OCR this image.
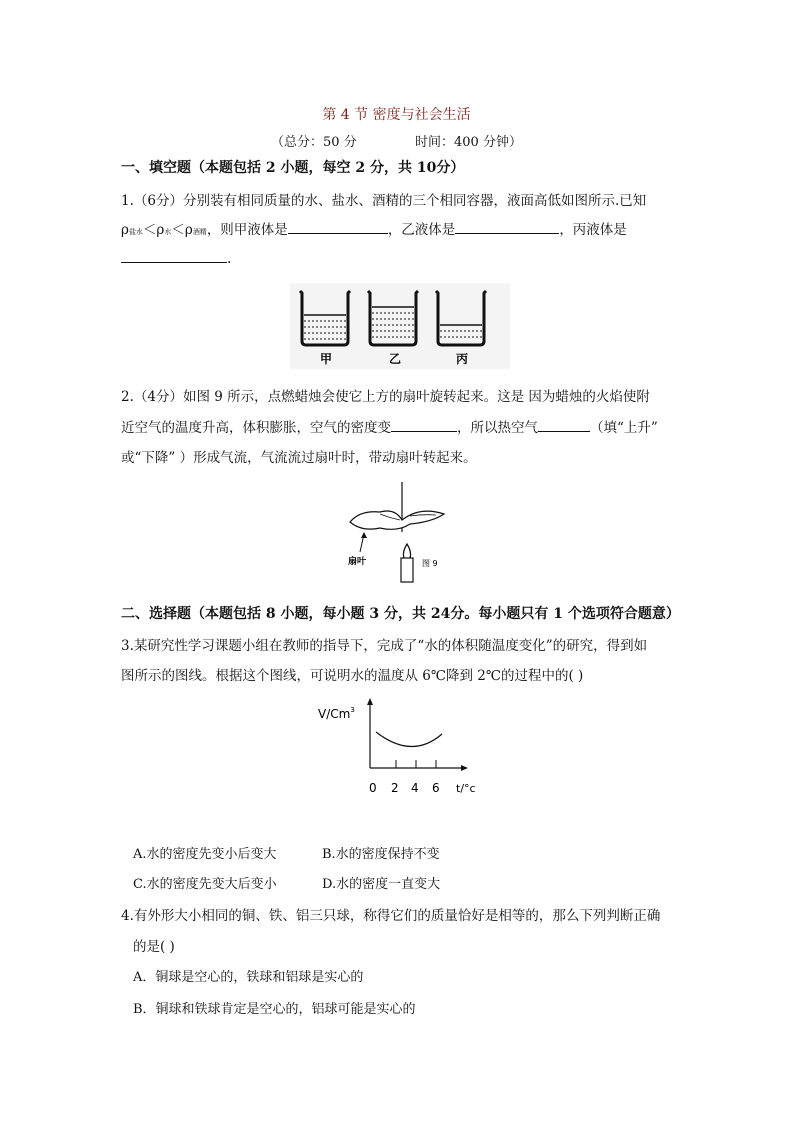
第 4 节 密度与社会生活
（总分：50 分	时间：400 分钟）
一、填空题（本题包括 2 小题，每空 2 分，共 10分）
1.（6分）分别装有相同质量的水、盐水、酒精的三个相同容器，液面高低如图所示.已知
ρ盐水＜ρ水＜ρ酒精，则甲液体是	，乙液体是	，丙液体是
.
甲	乙	丙
2.（4分）如图 9 所示，点燃蜡烛会使它上方的扇叶旋转起来。这是 因为蜡烛的火焰使附
近空气的温度升高，体积膨胀，空气的密度变	，所以热空气	（填“上升”
或“下降” ）形成气流，气流流过扇叶时，带动扇叶转起来。
扇叶	图 9
二、选择题（本题包括 8 小题，每小题 3 分，共 24分。每小题只有 1 个选项符合题意）
3.某研究性学习课题小组在教师的指导下，完成了“水的体积随温度变化”的研究，得到如
图所示的图线。根据这个图线，可说明水的温度从 6℃降到 2℃的过程中的( )
V/Cm$^3$
0 2 4 6 t/°c
A.水的密度先变小后变大	B.水的密度保持不变
C.水的密度先变大后变小	D.水的密度一直变大
4.有外形大小相同的铜、铁、铝三只球，称得它们的质量恰好是相等的，那么下列判断正确
的是( )
A．铜球是空心的，铁球和铝球是实心的
B．铜球和铁球肯定是空心的，铝球可能是实心的
